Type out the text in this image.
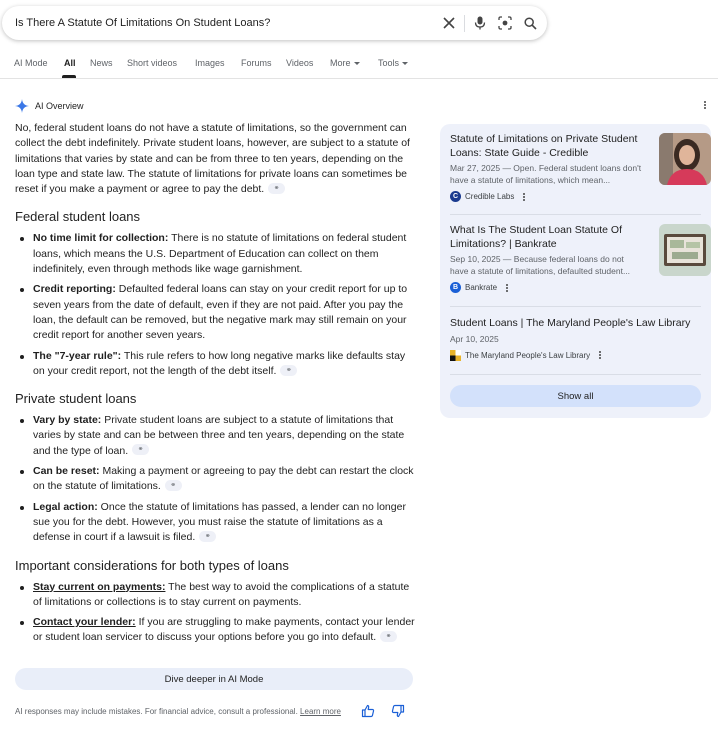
Is There A Statute Of Limitations On Student Loans?
AI Mode All News Short videos Images Forums Videos More	Tools
AI Overview

No, federal student loans do not have a statute of limitations, so the government can collect the debt indefinitely. Private student loans, however, are subject to a statute of limitations that varies by state and can be from three to ten years, depending on the loan type and state law. The statute of limitations for private loans can sometimes be reset if you make a payment or agree to pay the debt. ⚭

Federal student loans
No time limit for collection: There is no statute of limitations on federal student loans, which means the U.S. Department of Education can collect on them indefinitely, even through methods like wage garnishment.
Credit reporting: Defaulted federal loans can stay on your credit report for up to seven years from the date of default, even if they are not paid. After you pay the loan, the default can be removed, but the negative mark may still remain on your credit report for another seven years.
The "7-year rule": This rule refers to how long negative marks like defaults stay on your credit report, not the length of the debt itself. ⚭
Private student loans
Vary by state: Private student loans are subject to a statute of limitations that varies by state and can be between three and ten years, depending on the state and the type of loan. ⚭
Can be reset: Making a payment or agreeing to pay the debt can restart the clock on the statute of limitations. ⚭
Legal action: Once the statute of limitations has passed, a lender can no longer sue you for the debt. However, you must raise the statute of limitations as a defense in court if a lawsuit is filed. ⚭
Important considerations for both types of loans
Stay current on payments: The best way to avoid the complications of a statute of limitations or collections is to stay current on payments.
Contact your lender: If you are struggling to make payments, contact your lender or student loan servicer to discuss your options before you go into default. ⚭
Dive deeper in AI Mode
AI responses may include mistakes. For financial advice, consult a professional. Learn more
Statute of Limitations on Private Student Loans: State Guide - Credible
Mar 27, 2025 — Open. Federal student loans don't have a statute of limitations, which mean...
C Credible Labs
What Is The Student Loan Statute Of Limitations? | Bankrate
Sep 10, 2025 — Because federal loans do not have a statute of limitations, defaulted student...
B Bankrate
Student Loans | The Maryland People's Law Library
Apr 10, 2025
The Maryland People's Law Library
Show all
